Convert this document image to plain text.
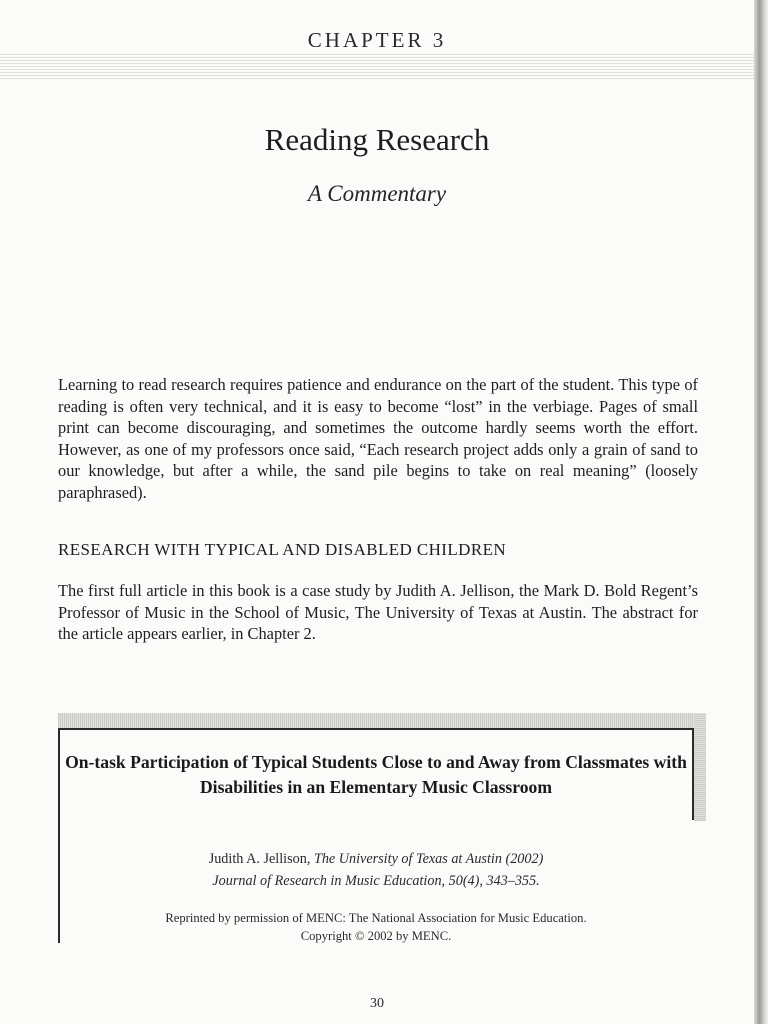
CHAPTER 3
Reading Research
A Commentary
Learning to read research requires patience and endurance on the part of the student. This type of reading is often very technical, and it is easy to become “lost” in the verbiage. Pages of small print can become discouraging, and sometimes the outcome hardly seems worth the effort. However, as one of my professors once said, “Each research project adds only a grain of sand to our knowledge, but after a while, the sand pile begins to take on real meaning” (loosely paraphrased).
RESEARCH WITH TYPICAL AND DISABLED CHILDREN
The first full article in this book is a case study by Judith A. Jellison, the Mark D. Bold Regent’s Professor of Music in the School of Music, The University of Texas at Austin. The abstract for the article appears earlier, in Chapter 2.
On-task Participation of Typical Students Close to and Away from Classmates with Disabilities in an Elementary Music Classroom
Judith A. Jellison, The University of Texas at Austin (2002)
Journal of Research in Music Education, 50(4), 343–355.
Reprinted by permission of MENC: The National Association for Music Education.
Copyright © 2002 by MENC.
30
